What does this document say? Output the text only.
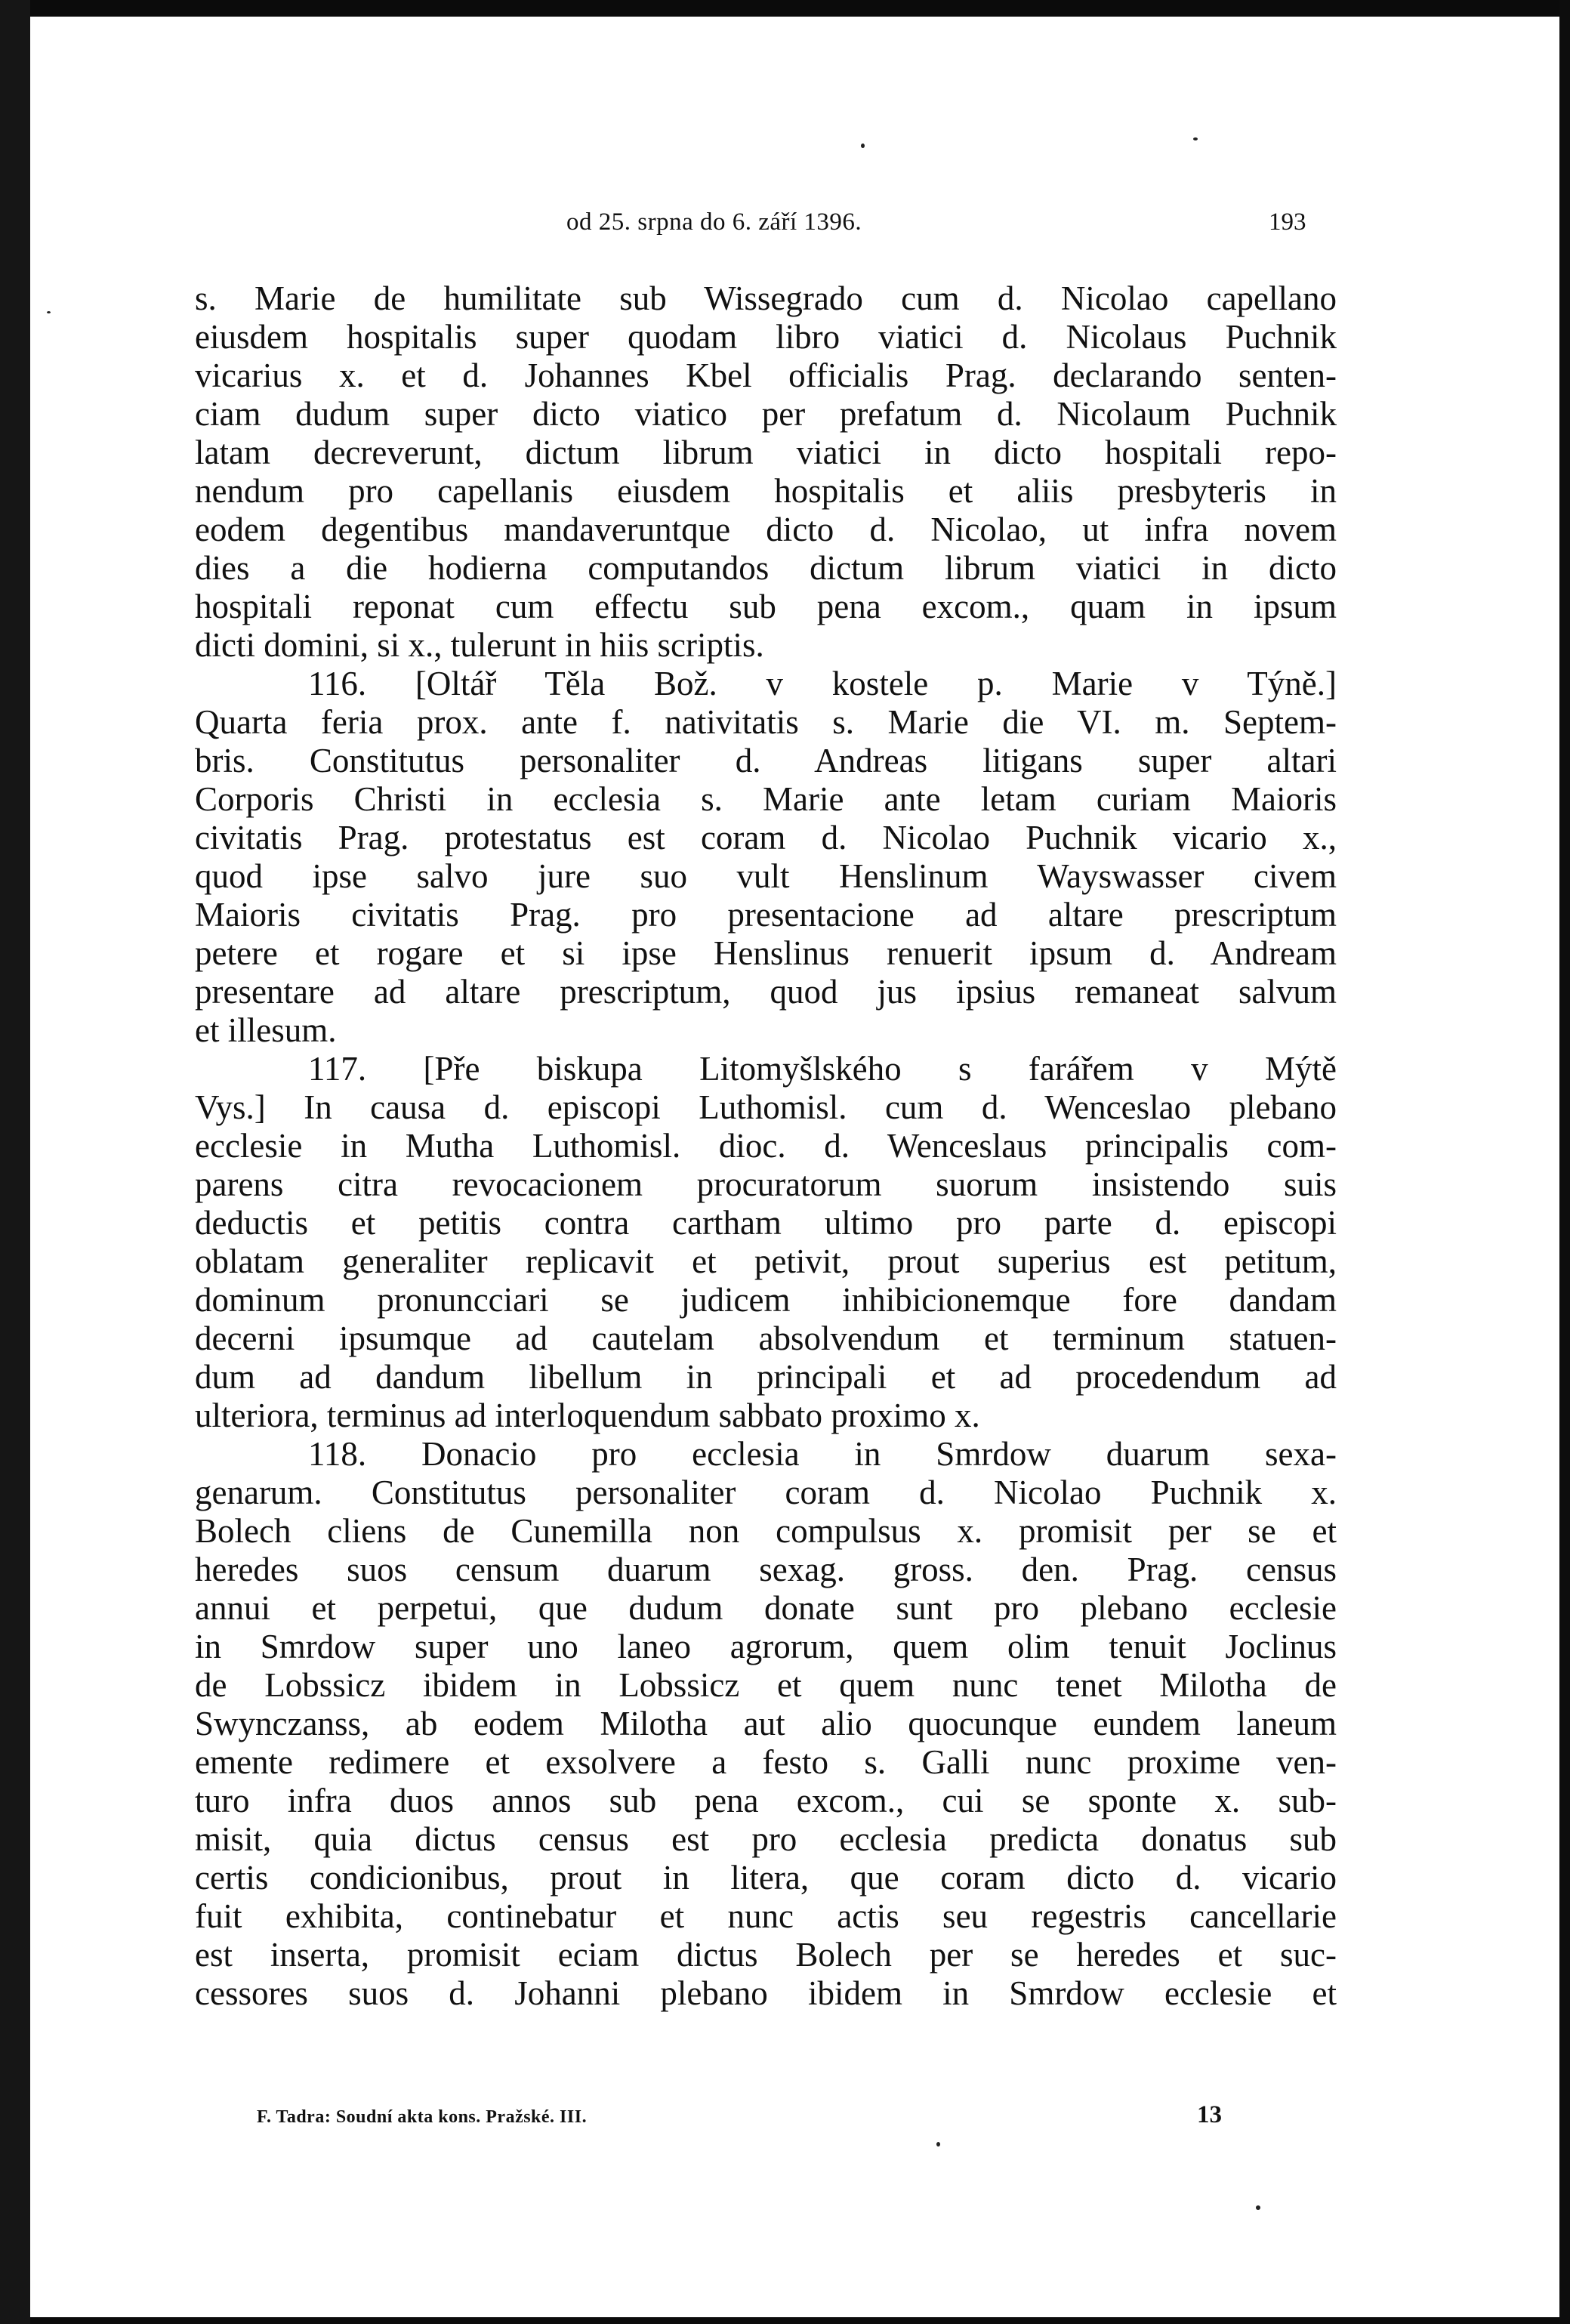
od 25. srpna do 6. září 1396.	193
s. Marie de humilitate sub Wissegrado cum d. Nicolao capellano
eiusdem hospitalis super quodam libro viatici d. Nicolaus Puchnik
vicarius x. et d. Johannes Kbel officialis Prag. declarando senten-
ciam dudum super dicto viatico per prefatum d. Nicolaum Puchnik
latam decreverunt, dictum librum viatici in dicto hospitali repo-
nendum pro capellanis eiusdem hospitalis et aliis presbyteris in
eodem degentibus mandaveruntque dicto d. Nicolao, ut infra novem
dies a die hodierna computandos dictum librum viatici in dicto
hospitali reponat cum effectu sub pena excom., quam in ipsum
dicti domini, si x., tulerunt in hiis scriptis.
116. [Oltář Těla Bož. v kostele p. Marie v Týně.]
Quarta feria prox. ante f. nativitatis s. Marie die VI. m. Septem-
bris. Constitutus personaliter d. Andreas litigans super altari
Corporis Christi in ecclesia s. Marie ante letam curiam Maioris
civitatis Prag. protestatus est coram d. Nicolao Puchnik vicario x.,
quod ipse salvo jure suo vult Henslinum Wayswasser civem
Maioris civitatis Prag. pro presentacione ad altare prescriptum
petere et rogare et si ipse Henslinus renuerit ipsum d. Andream
presentare ad altare prescriptum, quod jus ipsius remaneat salvum
et illesum.
117. [Pře biskupa Litomyšlského s farářem v Mýtě
Vys.] In causa d. episcopi Luthomisl. cum d. Wenceslao plebano
ecclesie in Mutha Luthomisl. dioc. d. Wenceslaus principalis com-
parens citra revocacionem procuratorum suorum insistendo suis
deductis et petitis contra cartham ultimo pro parte d. episcopi
oblatam generaliter replicavit et petivit, prout superius est petitum,
dominum pronuncciari se judicem inhibicionemque fore dandam
decerni ipsumque ad cautelam absolvendum et terminum statuen-
dum ad dandum libellum in principali et ad procedendum ad
ulteriora, terminus ad interloquendum sabbato proximo x.
118. Donacio pro ecclesia in Smrdow duarum sexa-
genarum. Constitutus personaliter coram d. Nicolao Puchnik x.
Bolech cliens de Cunemilla non compulsus x. promisit per se et
heredes suos censum duarum sexag. gross. den. Prag. census
annui et perpetui, que dudum donate sunt pro plebano ecclesie
in Smrdow super uno laneo agrorum, quem olim tenuit Joclinus
de Lobssicz ibidem in Lobssicz et quem nunc tenet Milotha de
Swynczanss, ab eodem Milotha aut alio quocunque eundem laneum
emente redimere et exsolvere a festo s. Galli nunc proxime ven-
turo infra duos annos sub pena excom., cui se sponte x. sub-
misit, quia dictus census est pro ecclesia predicta donatus sub
certis condicionibus, prout in litera, que coram dicto d. vicario
fuit exhibita, continebatur et nunc actis seu regestris cancellarie
est inserta, promisit eciam dictus Bolech per se heredes et suc-
cessores suos d. Johanni plebano ibidem in Smrdow ecclesie et
F. Tadra: Soudní akta kons. Pražské. III.	13
